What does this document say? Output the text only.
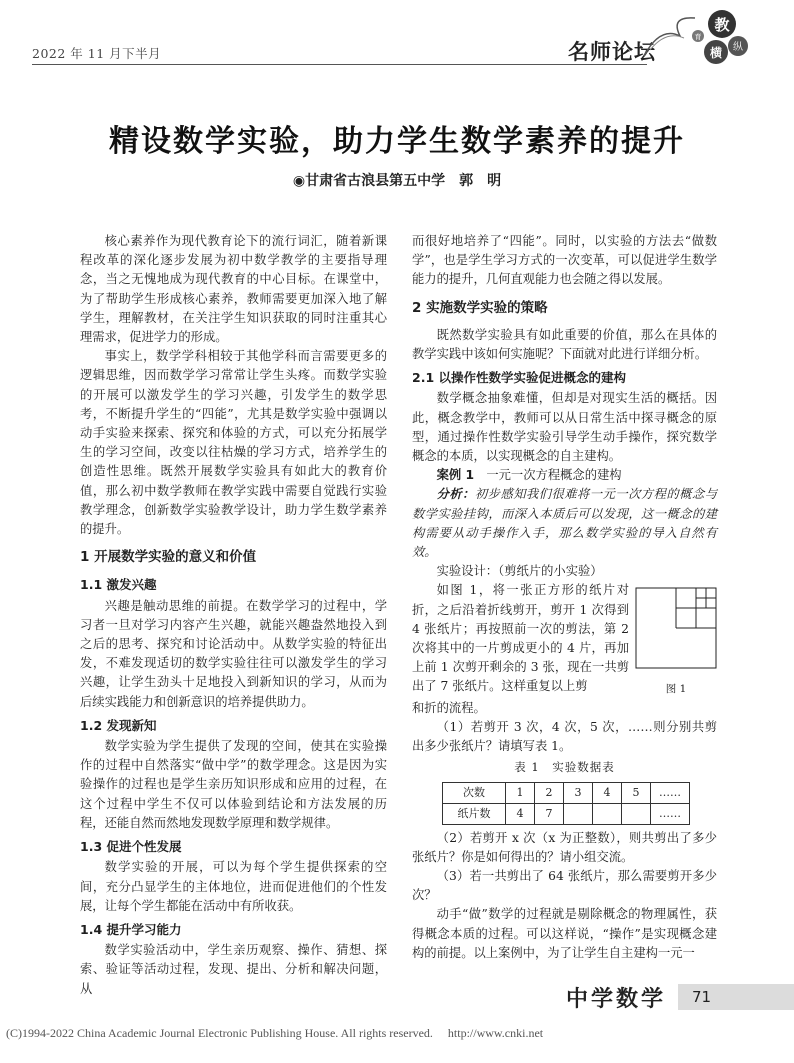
2022 年 11 月下半月	名师论坛
教
纵
横
育
精设数学实验，助力学生数学素养的提升
◉甘肃省古浪县第五中学　郭　明

核心素养作为现代教育论下的流行词汇，随着新课程改革的深化逐步发展为初中数学教学的主要指导理念，当之无愧地成为现代教育的中心目标。在课堂中，为了帮助学生形成核心素养，教师需要更加深入地了解学生，理解教材，在关注学生知识获取的同时注重其心理需求，促进学力的形成。

事实上，数学学科相较于其他学科而言需要更多的逻辑思维，因而数学学习常常让学生头疼。而数学实验的开展可以激发学生的学习兴趣，引发学生的数学思考，不断提升学生的“四能”，尤其是数学实验中强调以动手实验来探索、探究和体验的方式，可以充分拓展学生的学习空间，改变以往枯燥的学习方式，培养学生的创造性思维。既然开展数学实验具有如此大的教育价值，那么初中数学教师在教学实践中需要自觉践行实验教学理念，创新数学实验教学设计，助力学生数学素养的提升。

1 开展数学实验的意义和价值
1.1 激发兴趣

兴趣是触动思维的前提。在数学学习的过程中，学习者一旦对学习内容产生兴趣，就能兴趣盎然地投入到之后的思考、探究和讨论活动中。从数学实验的特征出发，不难发现适切的数学实验往往可以激发学生的学习兴趣，让学生劲头十足地投入到新知识的学习，从而为后续实践能力和创新意识的培养提供助力。

1.2 发现新知

数学实验为学生提供了发现的空间，使其在实验操作的过程中自然落实“做中学”的数学理念。这是因为实验操作的过程也是学生亲历知识形成和应用的过程，在这个过程中学生不仅可以体验到结论和方法发展的历程，还能自然而然地发现数学原理和数学规律。

1.3 促进个性发展

数学实验的开展，可以为每个学生提供探索的空间，充分凸显学生的主体地位，进而促进他们的个性发展，让每个学生都能在活动中有所收获。

1.4 提升学习能力

数学实验活动中，学生亲历观察、操作、猜想、探索、验证等活动过程，发现、提出、分析和解决问题，从

而很好地培养了“四能”。同时，以实验的方法去“做数学”，也是学生学习方式的一次变革，可以促进学生数学能力的提升，几何直观能力也会随之得以发展。

2 实施数学实验的策略

既然数学实验具有如此重要的价值，那么在具体的教学实践中该如何实施呢？下面就对此进行详细分析。

2.1 以操作性数学实验促进概念的建构

数学概念抽象难懂，但却是对现实生活的概括。因此，概念教学中，教师可以从日常生活中探寻概念的原型，通过操作性数学实验引导学生动手操作，探究数学概念的本质，以实现概念的自主建构。

案例 1　一元一次方程概念的建构

分析：初步感知我们很难将一元一次方程的概念与数学实验挂钩，而深入本质后可以发现，这一概念的建构需要从动手操作入手，那么数学实验的导入自然有效。

实验设计：（剪纸片的小实验）

如图 1，将一张正方形的纸片对折，之后沿着折线剪开，剪开 1 次得到 4 张纸片；再按照前一次的剪法，第 2 次将其中的一片剪成更小的 4 片，再加上前 1 次剪开剩余的 3 张，现在一共剪出了 7 张纸片。这样重复以上剪	图 1

和折的流程。

（1）若剪开 3 次，4 次，5 次，……则分别共剪出多少张纸片？请填写表 1。

表 1　实验数据表
次数	1	2	3	4	5	……
纸片数	4	7				……

（2）若剪开 x 次（x 为正整数），则共剪出了多少张纸片？你是如何得出的？请小组交流。

（3）若一共剪出了 64 张纸片，那么需要剪开多少次？

动手“做”数学的过程就是剔除概念的物理属性，获得概念本质的过程。可以这样说，“操作”是实现概念建构的前提。以上案例中，为了让学生自主建构一元一

中学数学	71
(C)1994-2022 China Academic Journal Electronic Publishing House. All rights reserved.　 http://www.cnki.net
